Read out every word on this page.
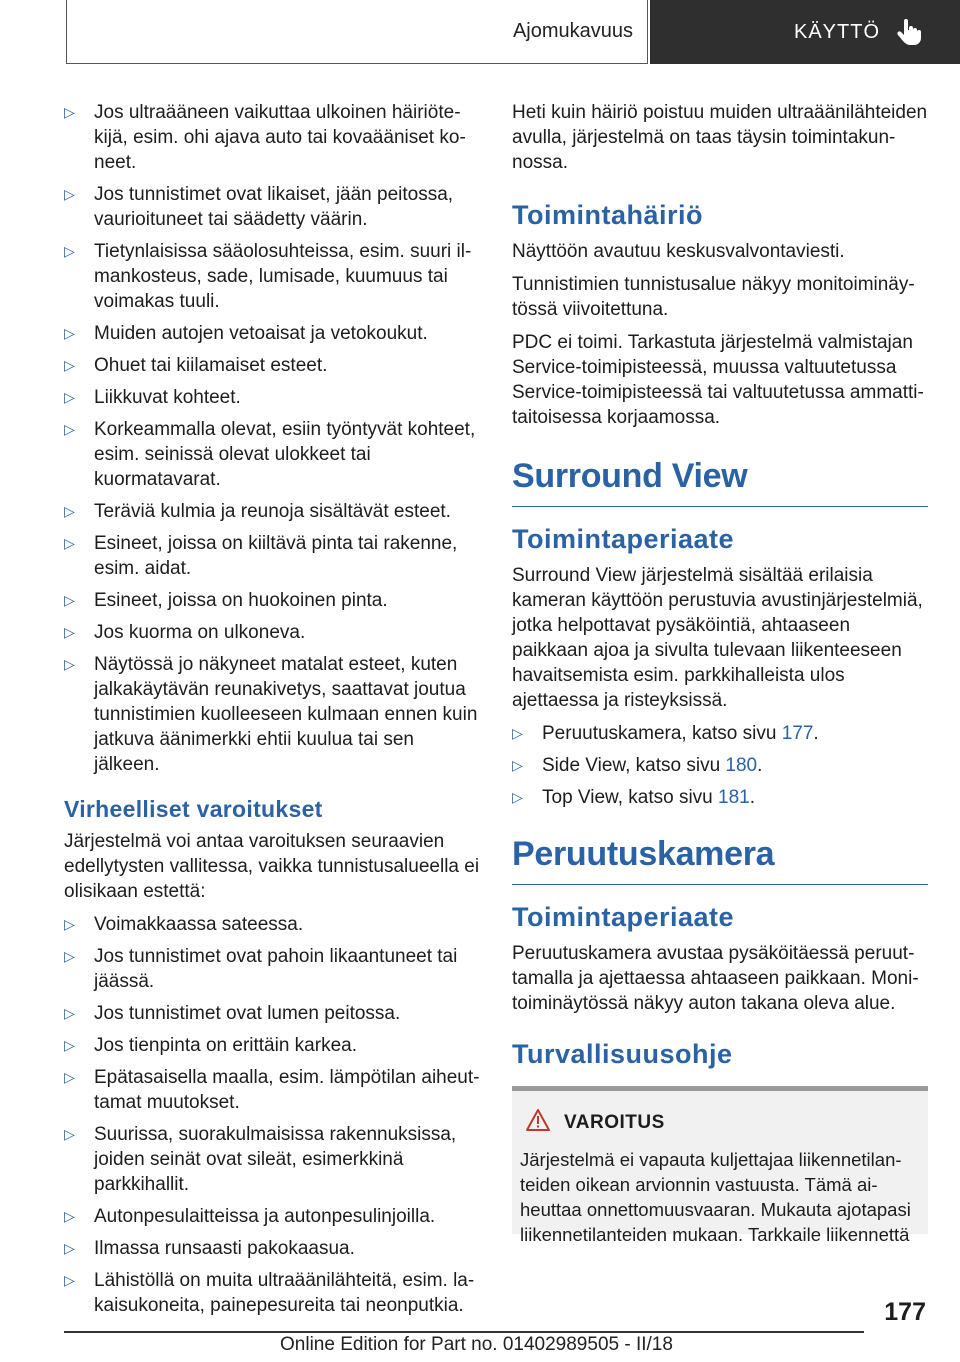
Ajomukavuus	KÄYTTÖ
▷ Jos ultraääneen vaikuttaa ulkoinen häiriötekijä, esim. ohi ajava auto tai kovaääniset koneet.
▷ Jos tunnistimet ovat likaiset, jään peitossa, vaurioituneet tai säädetty väärin.
▷ Tietynlaisissa sääolosuhteissa, esim. suuri ilmankosteus, sade, lumisade, kuumuus tai voimakas tuuli.
▷ Muiden autojen vetoaisat ja vetokoukut.
▷ Ohuet tai kiilamaiset esteet.
▷ Liikkuvat kohteet.
▷ Korkeammalla olevat, esiin työntyvät kohteet, esim. seinissä olevat ulokkeet tai kuormatavarat.
▷ Teräviä kulmia ja reunoja sisältävät esteet.
▷ Esineet, joissa on kiiltävä pinta tai rakenne, esim. aidat.
▷ Esineet, joissa on huokoinen pinta.
▷ Jos kuorma on ulkoneva.
▷ Näytössä jo näkyneet matalat esteet, kuten jalkakäytävän reunakivetys, saattavat joutua tunnistimien kuolleeseen kulmaan ennen kuin jatkuva äänimerkki ehtii kuulua tai sen jälkeen.
Virheelliset varoitukset

Järjestelmä voi antaa varoituksen seuraavien edellytysten vallitessa, vaikka tunnistusalueella ei olisikaan estettä:

▷ Voimakkaassa sateessa.
▷ Jos tunnistimet ovat pahoin likaantuneet tai jäässä.
▷ Jos tunnistimet ovat lumen peitossa.
▷ Jos tienpinta on erittäin karkea.
▷ Epätasaisella maalla, esim. lämpötilan aiheuttamat muutokset.
▷ Suurissa, suorakulmaisissa rakennuksissa, joiden seinät ovat sileät, esimerkkinä parkkihallit.
▷ Autonpesulaitteissa ja autonpesulinjoilla.
▷ Ilmassa runsaasti pakokaasua.
▷ Lähistöllä on muita ultraäänilähteitä, esim. lakaisukoneita, painepesureita tai neonputkia.

Heti kuin häiriö poistuu muiden ultraäänilähteiden avulla, järjestelmä on taas täysin toimintakunnossa.

Toimintahäiriö

Näyttöön avautuu keskusvalvontaviesti.

Tunnistimien tunnistusalue näkyy monitoiminäytössä viivoitettuna.

PDC ei toimi. Tarkastuta järjestelmä valmistajan Service-toimipisteessä, muussa valtuutetussa Service-toimipisteessä tai valtuutetussa ammattitaitoisessa korjaamossa.

Surround View
Toimintaperiaate

Surround View järjestelmä sisältää erilaisia kameran käyttöön perustuvia avustinjärjestelmiä, jotka helpottavat pysäköintiä, ahtaaseen paikkaan ajoa ja sivulta tulevaan liikenteeseen havaitsemista esim. parkkihalleista ulos ajettaessa ja risteyksissä.

▷ Peruutuskamera, katso sivu 177.
▷ Side View, katso sivu 180.
▷ Top View, katso sivu 181.
Peruutuskamera
Toimintaperiaate

Peruutuskamera avustaa pysäköitäessä peruuttamalla ja ajettaessa ahtaaseen paikkaan. Monitoiminäytössä näkyy auton takana oleva alue.

Turvallisuusohje
VAROITUS

Järjestelmä ei vapauta kuljettajaa liikennetilanteiden oikean arvionnin vastuusta. Tämä aiheuttaa onnettomuusvaaran. Mukauta ajotapasi liikennetilanteiden mukaan. Tarkkaile liikennettä

177
Online Edition for Part no. 01402989505 - II/18
